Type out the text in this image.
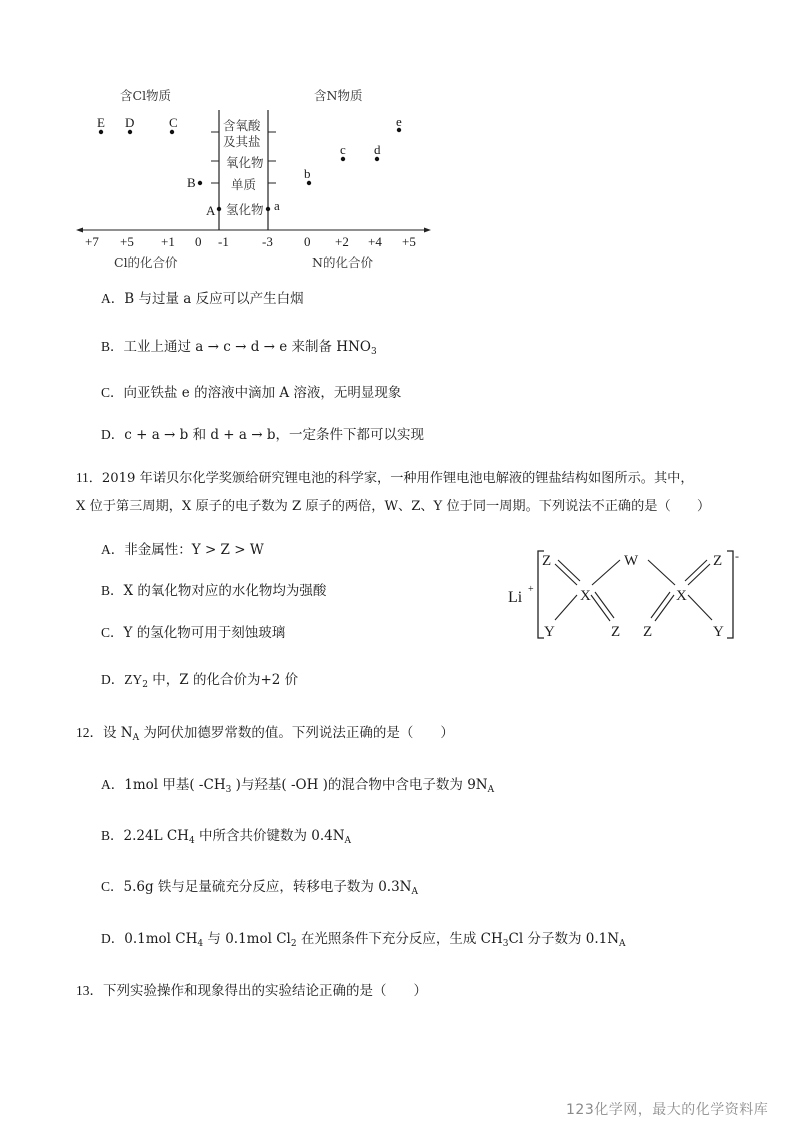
含Cl物质	含N物质
含氧酸
及其盐
氧化物
单质
氢化物
+7 +5 +1 0 -1	-3 0 +2 +4 +5
Cl的化合价	N的化合价
E D	C
B
A	a
b
c d
e
A．B 与过量 a 反应可以产生白烟
B．工业上通过 a → c → d → e 来制备 $HNO_3$
C．向亚铁盐 e 的溶液中滴加 A 溶液，无明显现象
D．c + a → b 和 d + a → b，一定条件下都可以实现
11．2019 年诺贝尔化学奖颁给研究锂电池的科学家，一种用作锂电池电解液的锂盐结构如图所示。其中，
X 位于第三周期，X 原子的电子数为 Z 原子的两倍，W、Z、Y 位于同一周期。下列说法不正确的是（　　）
A．非金属性：Y > Z > W
B．X 的氧化物对应的水化物均为强酸
C．Y 的氢化物可用于刻蚀玻璃
D．$ZY_2$ 中，Z 的化合价为+2 价
Li +
-
Z	W	Z
X	X
Y	Z Z	Y
12．设 $N_A$ 为阿伏加德罗常数的值。下列说法正确的是（　　）
A．1mol 甲基( $-CH_3$ )与羟基( -OH )的混合物中含电子数为 $9N_A$
B．2.24L $CH_4$ 中所含共价键数为 $0.4N_A$
C．5.6g 铁与足量硫充分反应，转移电子数为 $0.3N_A$
D．0.1mol $CH_4$ 与 0.1mol $Cl_2$ 在光照条件下充分反应，生成 $CH_3Cl$ 分子数为 $0.1N_A$
13．下列实验操作和现象得出的实验结论正确的是（　　）
123化学网，最大的化学资料库
